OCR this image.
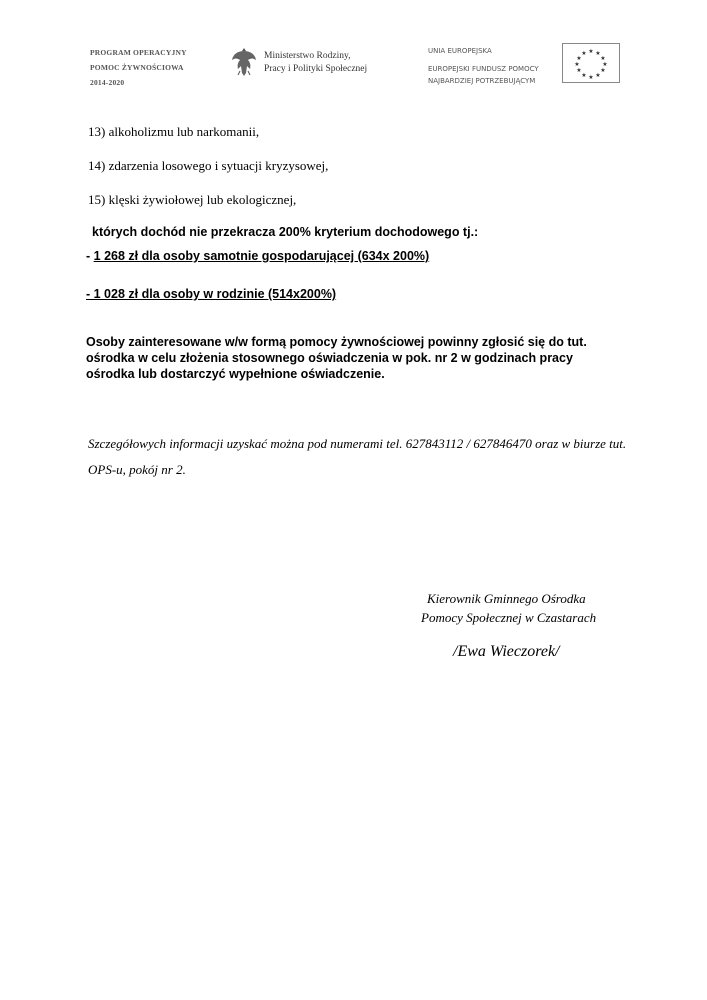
PROGRAM OPERACYJNY
POMOC ŻYWNOŚCIOWA
2014-2020
Ministerstwo Rodziny,
Pracy i Polityki Społecznej
UNIA EUROPEJSKA
EUROPEJSKI FUNDUSZ POMOCY
NAJBARDZIEJ POTRZEBUJĄCYM
★ ★
★
★
★
★
★
★
★
★
★
★
13) alkoholizmu lub narkomanii,
14) zdarzenia losowego i sytuacji kryzysowej,
15) klęski żywiołowej lub ekologicznej,
których dochód nie przekracza 200% kryterium dochodowego tj.:
- 1 268 zł dla osoby samotnie gospodarującej (634x 200%)
- 1 028 zł dla osoby w rodzinie (514x200%)
Osoby zainteresowane w/w formą pomocy żywnościowej powinny zgłosić się do tut. ośrodka w celu złożenia stosownego oświadczenia w pok. nr 2 w godzinach pracy ośrodka lub dostarczyć wypełnione oświadczenie.
Szczegółowych informacji uzyskać można pod numerami tel. 627843112 / 627846470 oraz w biurze tut. OPS-u, pokój nr 2.
Kierownik Gminnego Ośrodka
Pomocy Społecznej w Czastarach
/Ewa Wieczorek/
